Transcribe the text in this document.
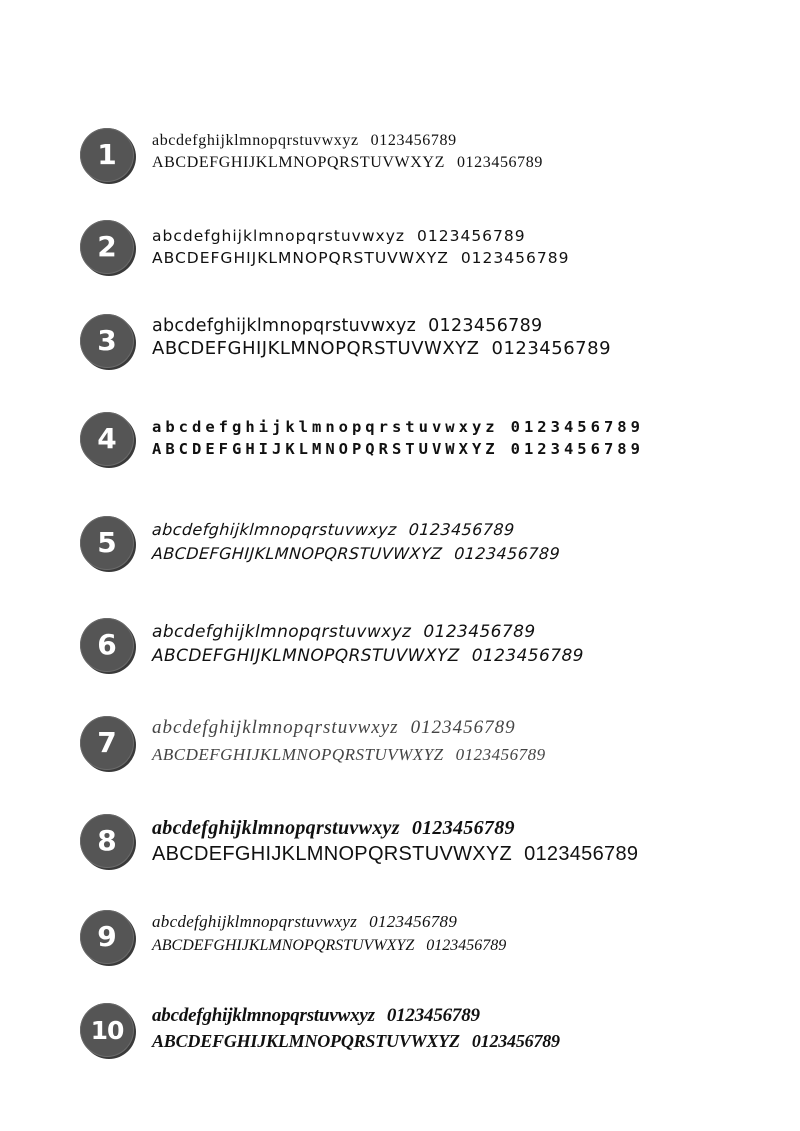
1 abcdefghijklmnopqrstuvwxyz 0123456789
ABCDEFGHIJKLMNOPQRSTUVWXYZ 0123456789
2 abcdefghijklmnopqrstuvwxyz 0123456789
ABCDEFGHIJKLMNOPQRSTUVWXYZ 0123456789
3 abcdefghijklmnopqrstuvwxyz 0123456789
ABCDEFGHIJKLMNOPQRSTUVWXYZ 0123456789
4 abcdefghijklmnopqrstuvwxyz 0123456789
ABCDEFGHIJKLMNOPQRSTUVWXYZ 0123456789
5 abcdefghijklmnopqrstuvwxyz 0123456789
ABCDEFGHIJKLMNOPQRSTUVWXYZ 0123456789
6 abcdefghijklmnopqrstuvwxyz 0123456789
ABCDEFGHIJKLMNOPQRSTUVWXYZ 0123456789
7 abcdefghijklmnopqrstuvwxyz 0123456789
ABCDEFGHIJKLMNOPQRSTUVWXYZ 0123456789
8 abcdefghijklmnopqrstuvwxyz 0123456789
ABCDEFGHIJKLMNOPQRSTUVWXYZ 0123456789
9 abcdefghijklmnopqrstuvwxyz 0123456789
ABCDEFGHIJKLMNOPQRSTUVWXYZ 0123456789
10 abcdefghijklmnopqrstuvwxyz 0123456789
ABCDEFGHIJKLMNOPQRSTUVWXYZ 0123456789
